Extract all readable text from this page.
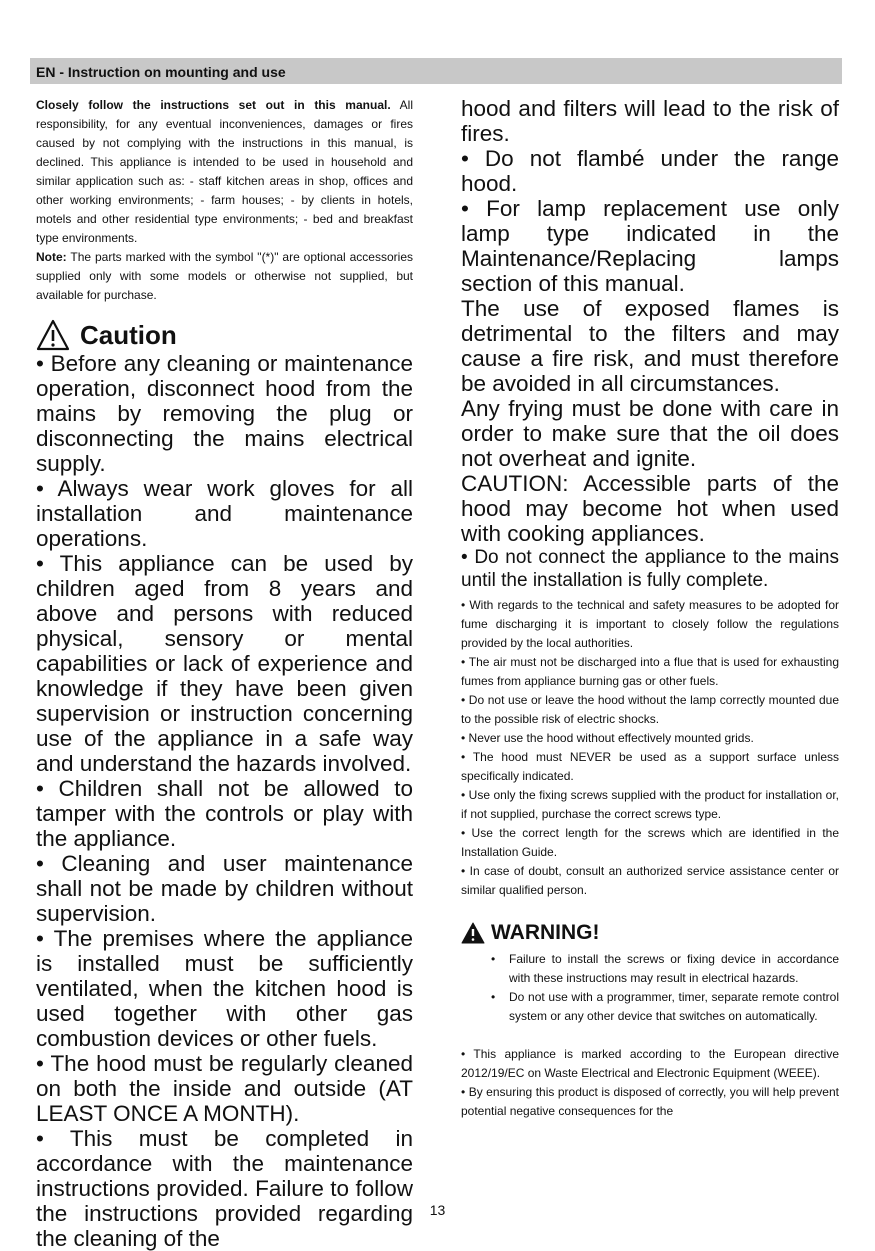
EN - Instruction on mounting and use

Closely follow the instructions set out in this manual. All responsibility, for any eventual inconveniences, damages or fires caused by not complying with the instructions in this manual, is declined. This appliance is intended to be used in household and similar application such as: - staff kitchen areas in shop, offices and other working environments; - farm houses; - by clients in hotels, motels and other residential type environments; - bed and breakfast type environments.

Note: The parts marked with the symbol "(*)" are optional accessories supplied only with some models or otherwise not supplied, but available for purchase.

Caution

• Before any cleaning or maintenance operation, disconnect hood from the mains by removing the plug or disconnecting the mains electrical supply.

• Always wear work gloves for all installation and maintenance operations.

• This appliance can be used by children aged from 8 years and above and persons with reduced physical, sensory or mental capabilities or lack of experience and knowledge if they have been given supervision or instruction concerning use of the appliance in a safe way and understand the hazards involved.

• Children shall not be allowed to tamper with the controls or play with the appliance.

• Cleaning and user maintenance shall not be made by children without supervision.

• The premises where the appliance is installed must be sufficiently ventilated, when the kitchen hood is used together with other gas combustion devices or other fuels.

• The hood must be regularly cleaned on both the inside and outside (AT LEAST ONCE A MONTH).

• This must be completed in accordance with the maintenance instructions provided. Failure to follow the instructions provided regarding the cleaning of the

hood and filters will lead to the risk of fires.

• Do not flambé under the range hood.

• For lamp replacement use only lamp type indicated in the Maintenance/Replacing lamps section of this manual.

The use of exposed flames is detrimental to the filters and may cause a fire risk, and must therefore be avoided in all circumstances.

Any frying must be done with care in order to make sure that the oil does not overheat and ignite.

CAUTION: Accessible parts of the hood may become hot when used with cooking appliances.

• Do not connect the appliance to the mains until the installation is fully complete.

• With regards to the technical and safety measures to be adopted for fume discharging it is important to closely follow the regulations provided by the local authorities.

• The air must not be discharged into a flue that is used for exhausting fumes from appliance burning gas or other fuels.

• Do not use or leave the hood without the lamp correctly mounted due to the possible risk of electric shocks.

• Never use the hood without effectively mounted grids.

• The hood must NEVER be used as a support surface unless specifically indicated.

• Use only the fixing screws supplied with the product for installation or, if not supplied, purchase the correct screws type.

• Use the correct length for the screws which are identified in the Installation Guide.

• In case of doubt, consult an authorized service assistance center or similar qualified person.

WARNING!
• Failure to install the screws or fixing device in accordance with these instructions may result in electrical hazards.
• Do not use with a programmer, timer, separate remote control system or any other device that switches on automatically.

• This appliance is marked according to the European directive 2012/19/EC on Waste Electrical and Electronic Equipment (WEEE).

• By ensuring this product is disposed of correctly, you will help prevent potential negative consequences for the

13
